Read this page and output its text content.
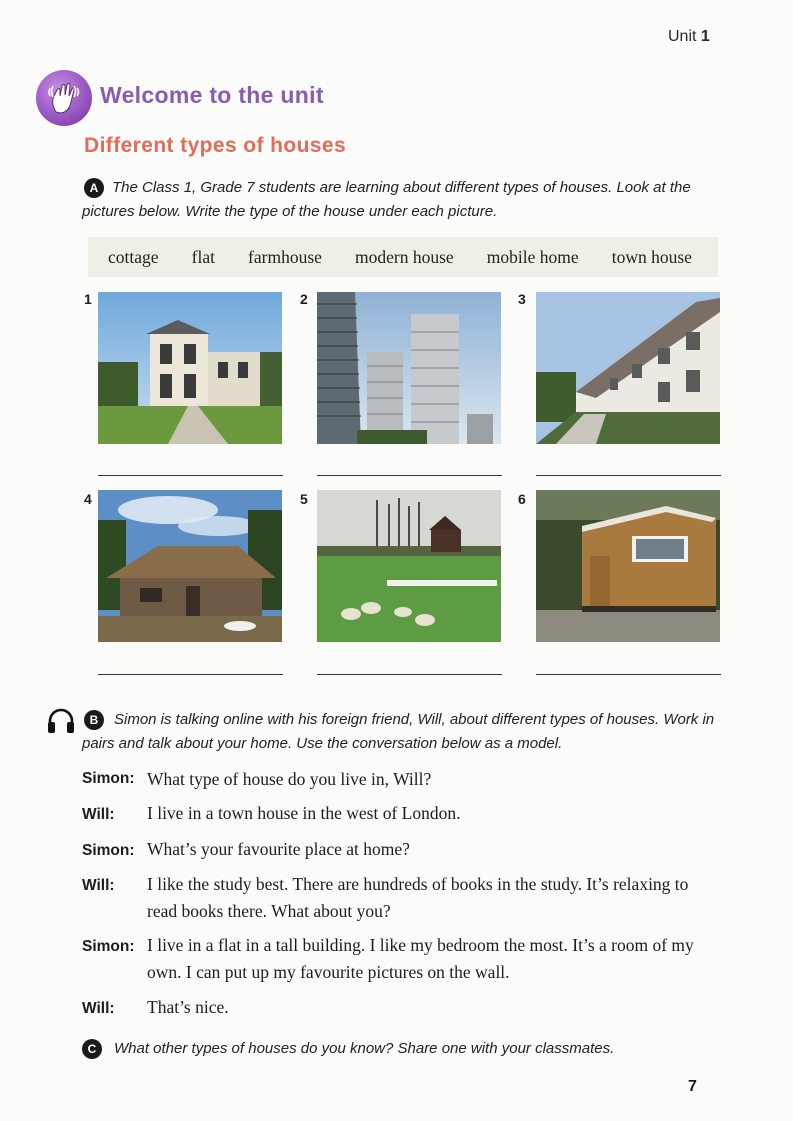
Unit 1
Welcome to the unit
Different types of houses
A The Class 1, Grade 7 students are learning about different types of houses. Look at the pictures below. Write the type of the house under each picture.
cottage flat farmhouse modern house mobile home town house
1	2	3
4	5	6
B	Simon is talking online with his foreign friend, Will, about different types of houses. Work in pairs and talk about your home. Use the conversation below as a model.
Simon: What type of house do you live in, Will?
Will: I live in a town house in the west of London.
Simon: What’s your favourite place at home?
Will: I like the study best. There are hundreds of books in the study. It’s relaxing to read books there. What about you?
Simon: I live in a flat in a tall building. I like my bedroom the most. It’s a room of my own. I can put up my favourite pictures on the wall.
Will: That’s nice.
C	What other types of houses do you know? Share one with your classmates.
7
